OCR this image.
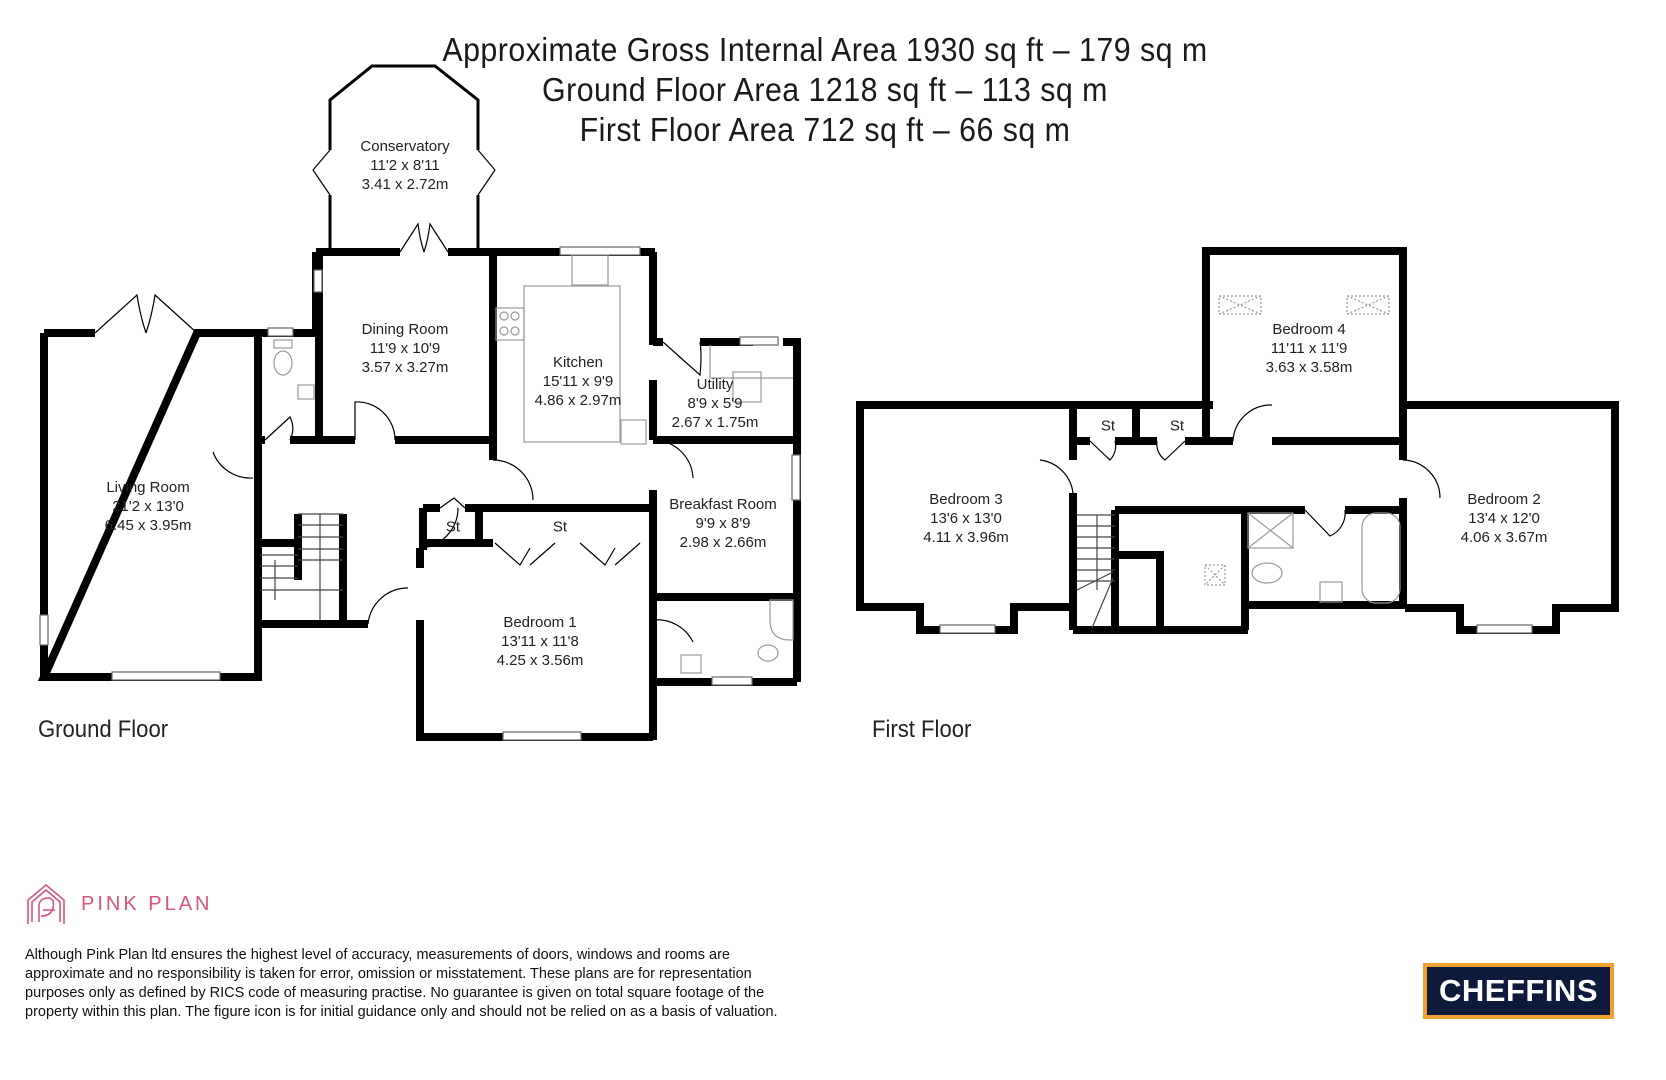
Approximate Gross Internal Area 1930 sq ft – 179 sq m
Ground Floor Area 1218 sq ft – 113 sq m
First Floor Area 712 sq ft – 66 sq m
Conservatory
11'2 x 8'11
3.41 x 2.72m
Dining Room
11'9 x 10'9
3.57 x 3.27m	Kitchen
15'11 x 9'9
4.86 x 2.97m
Utility
8'9 x 5'9
2.67 x 1.75m
Living Room
21'2 x 13'0
6.45 x 3.95m
Breakfast Room
9'9 x 8'9
2.98 x 2.66m
Bedroom 1
13'11 x 11'8
4.25 x 3.56m
St	St
Bedroom 4
11'11 x 11'9
3.63 x 3.58m
Bedroom 3
13'6 x 13'0
4.11 x 3.96m
Bedroom 2
13'4 x 12'0
4.06 x 3.67m
St	St
Ground Floor	First Floor
PINK PLAN

Although Pink Plan ltd ensures the highest level of accuracy, measurements of doors, windows and rooms are

approximate and no responsibility is taken for error, omission or misstatement. These plans are for representation

purposes only as defined by RICS code of measuring practise. No guarantee is given on total square footage of the

property within this plan. The figure icon is for initial guidance only and should not be relied on as a basis of valuation.

CHEFFINS
